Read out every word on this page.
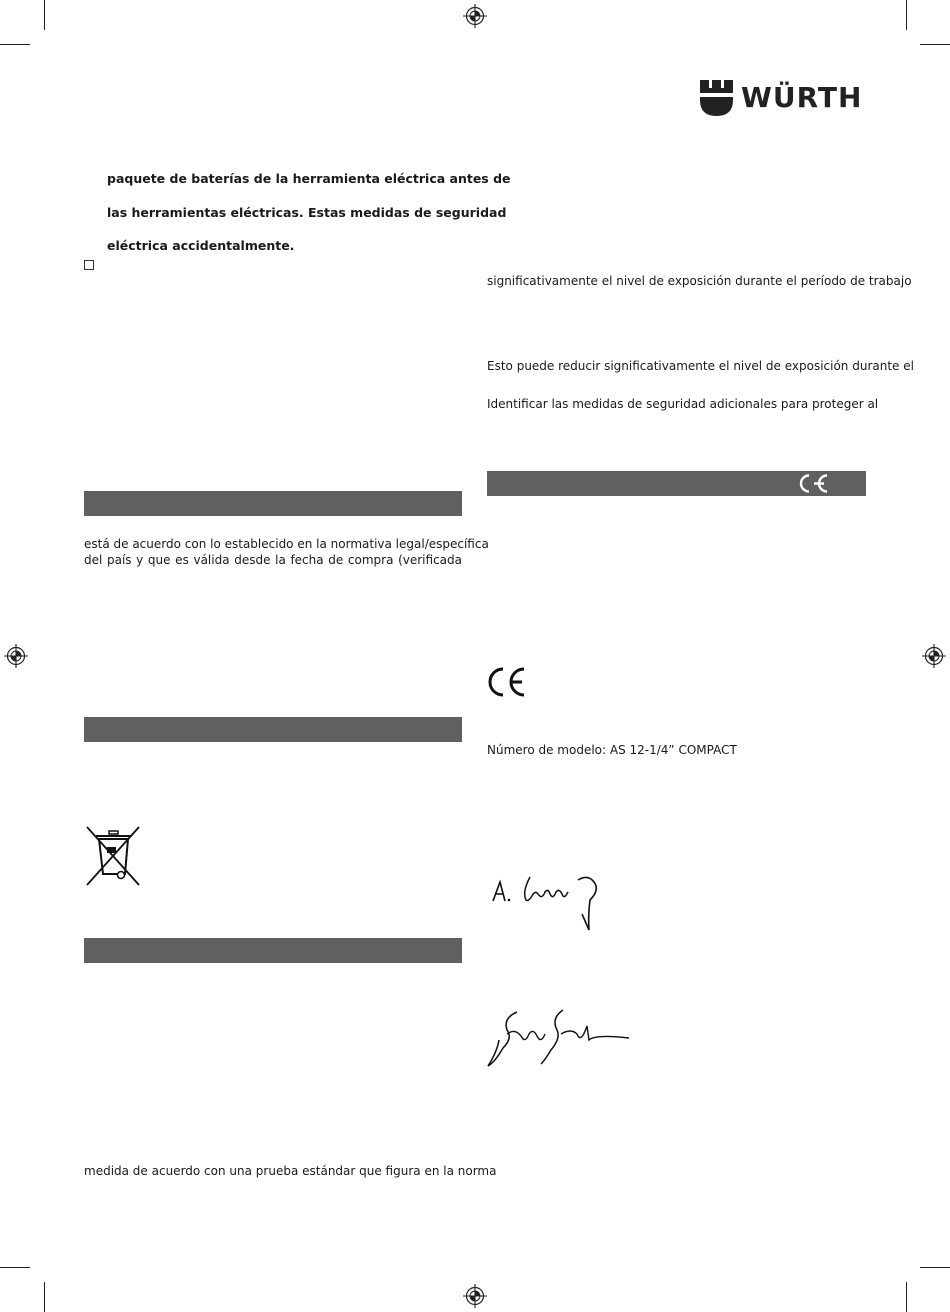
WÜRTH
paquete de baterías de la herramienta eléctrica antes de
las herramientas eléctricas. Estas medidas de seguridad
eléctrica accidentalmente.
significativamente el nivel de exposición durante el período de trabajo
Esto puede reducir significativamente el nivel de exposición durante el
Identificar las medidas de seguridad adicionales para proteger al
está de acuerdo con lo establecido en la normativa legal/específica
del país y que es válida desde la fecha de compra (verificada
Número de modelo: AS 12-1/4” COMPACT
medida de acuerdo con una prueba estándar que figura en la norma
